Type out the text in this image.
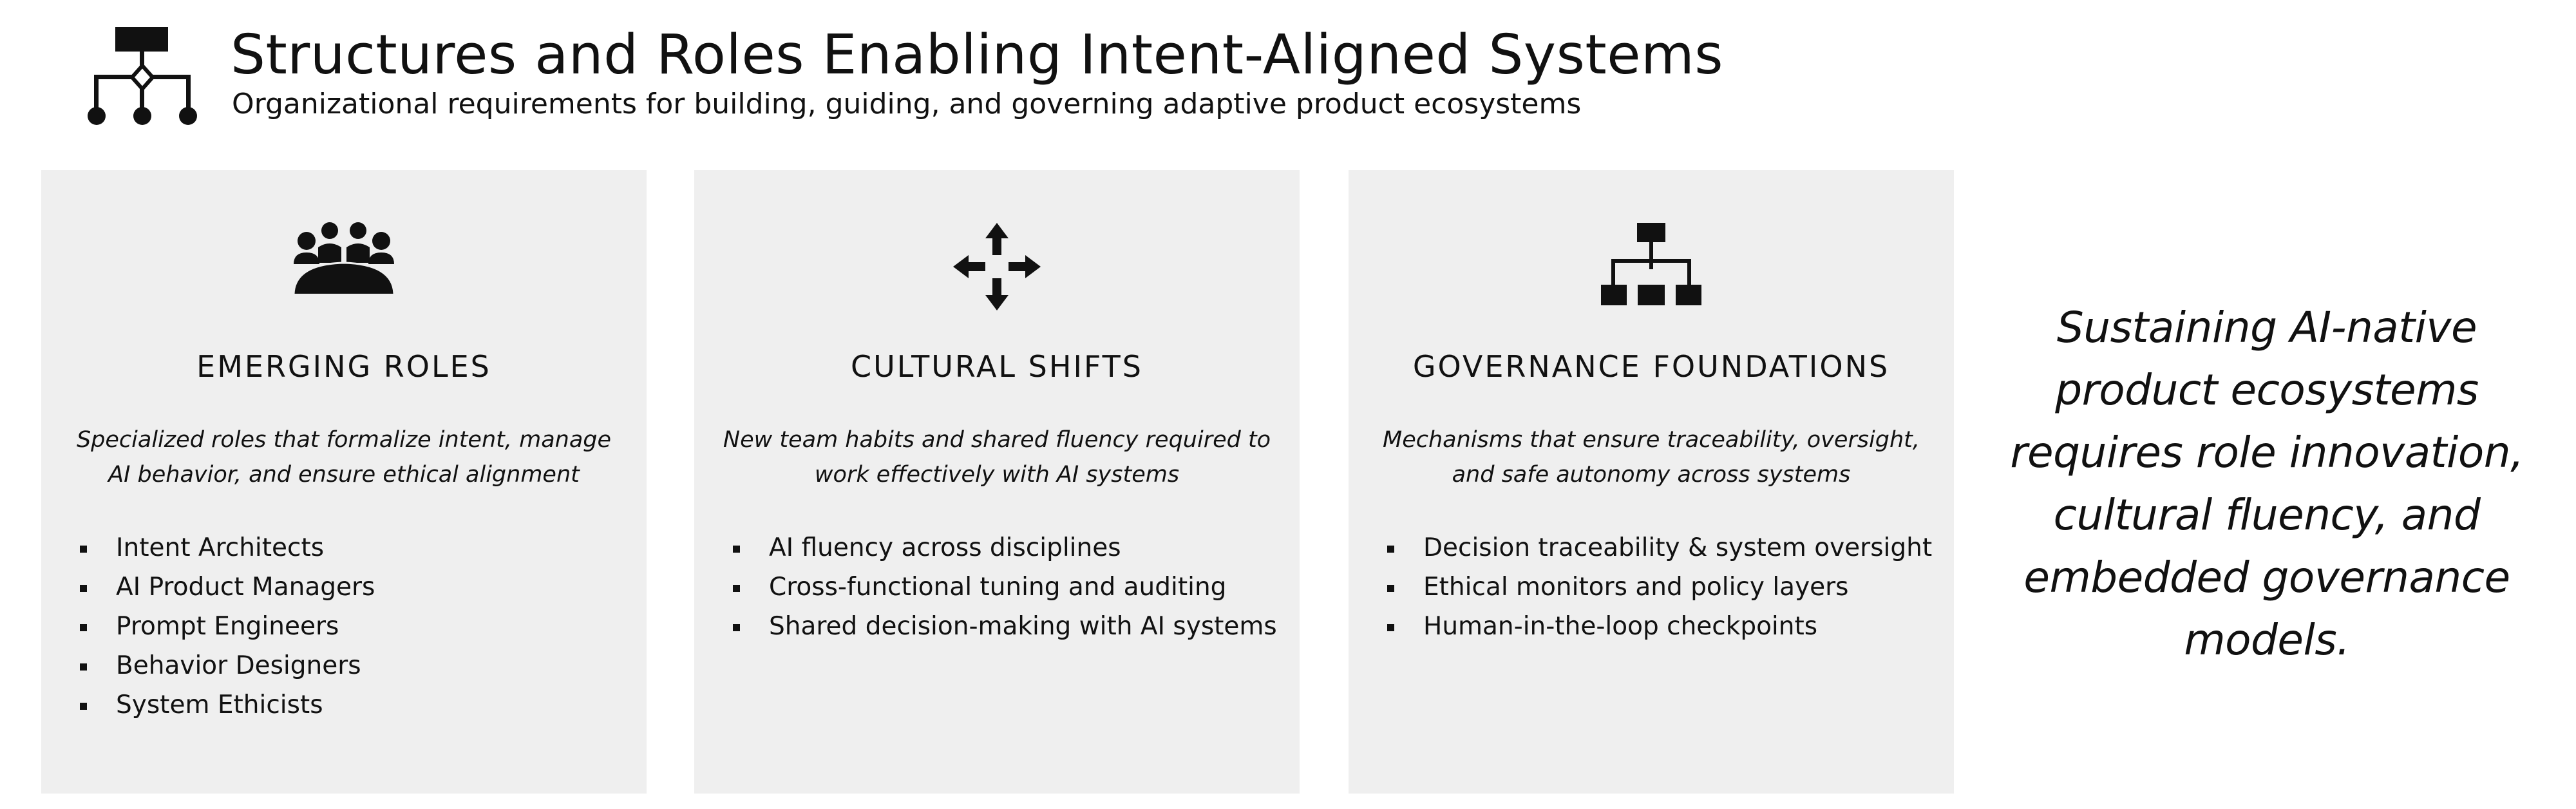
Structures and Roles Enabling Intent-Aligned Systems

Organizational requirements for building, guiding, and governing adaptive product ecosystems

EMERGING ROLES

Specialized roles that formalize intent, manage AI behavior, and ensure ethical alignment

Intent Architects
AI Product Managers
Prompt Engineers
Behavior Designers
System Ethicists
CULTURAL SHIFTS

New team habits and shared fluency required to work effectively with AI systems

AI fluency across disciplines
Cross-functional tuning and auditing
Shared decision-making with AI systems
GOVERNANCE FOUNDATIONS

Mechanisms that ensure traceability, oversight, and safe autonomy across systems

Decision traceability & system oversight
Ethical monitors and policy layers
Human-in-the-loop checkpoints

Sustaining AI-native product ecosystems requires role innovation, cultural fluency, and embedded governance models.
